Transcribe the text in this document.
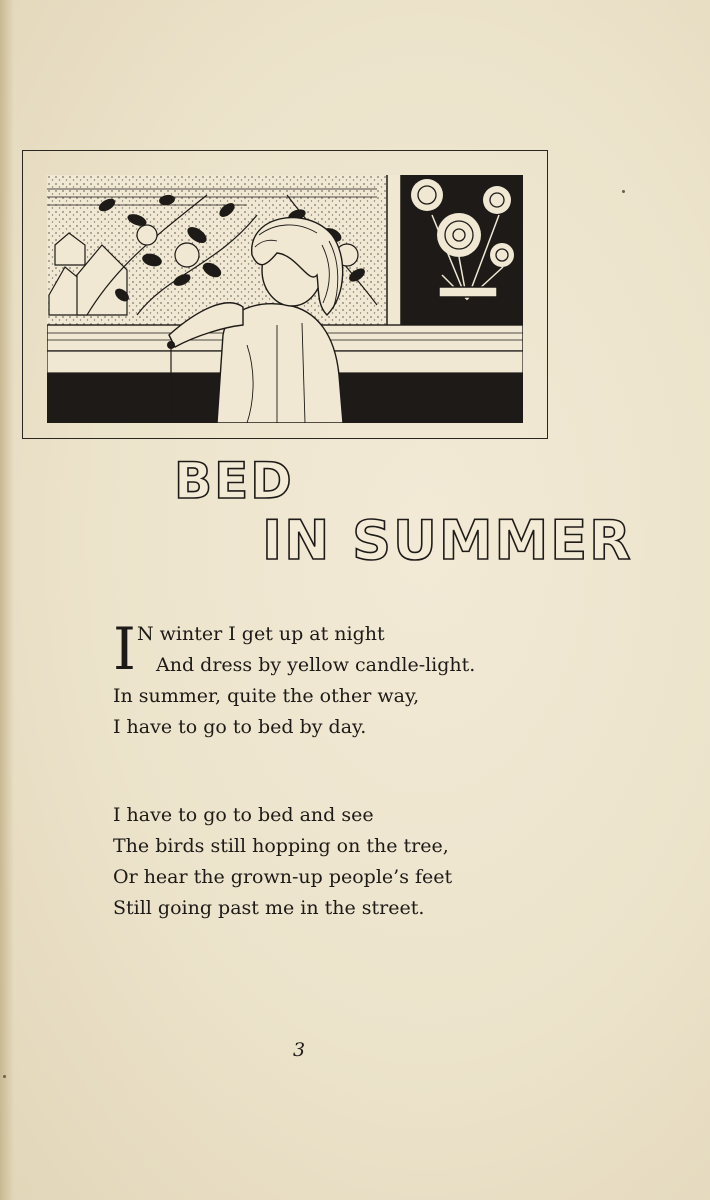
BED
IN SUMMER
I N winter I get up at night
And dress by yellow candle-light.
In summer, quite the other way,
I have to go to bed by day.
I have to go to bed and see
The birds still hopping on the tree,
Or hear the grown-up people’s feet
Still going past me in the street.
3
